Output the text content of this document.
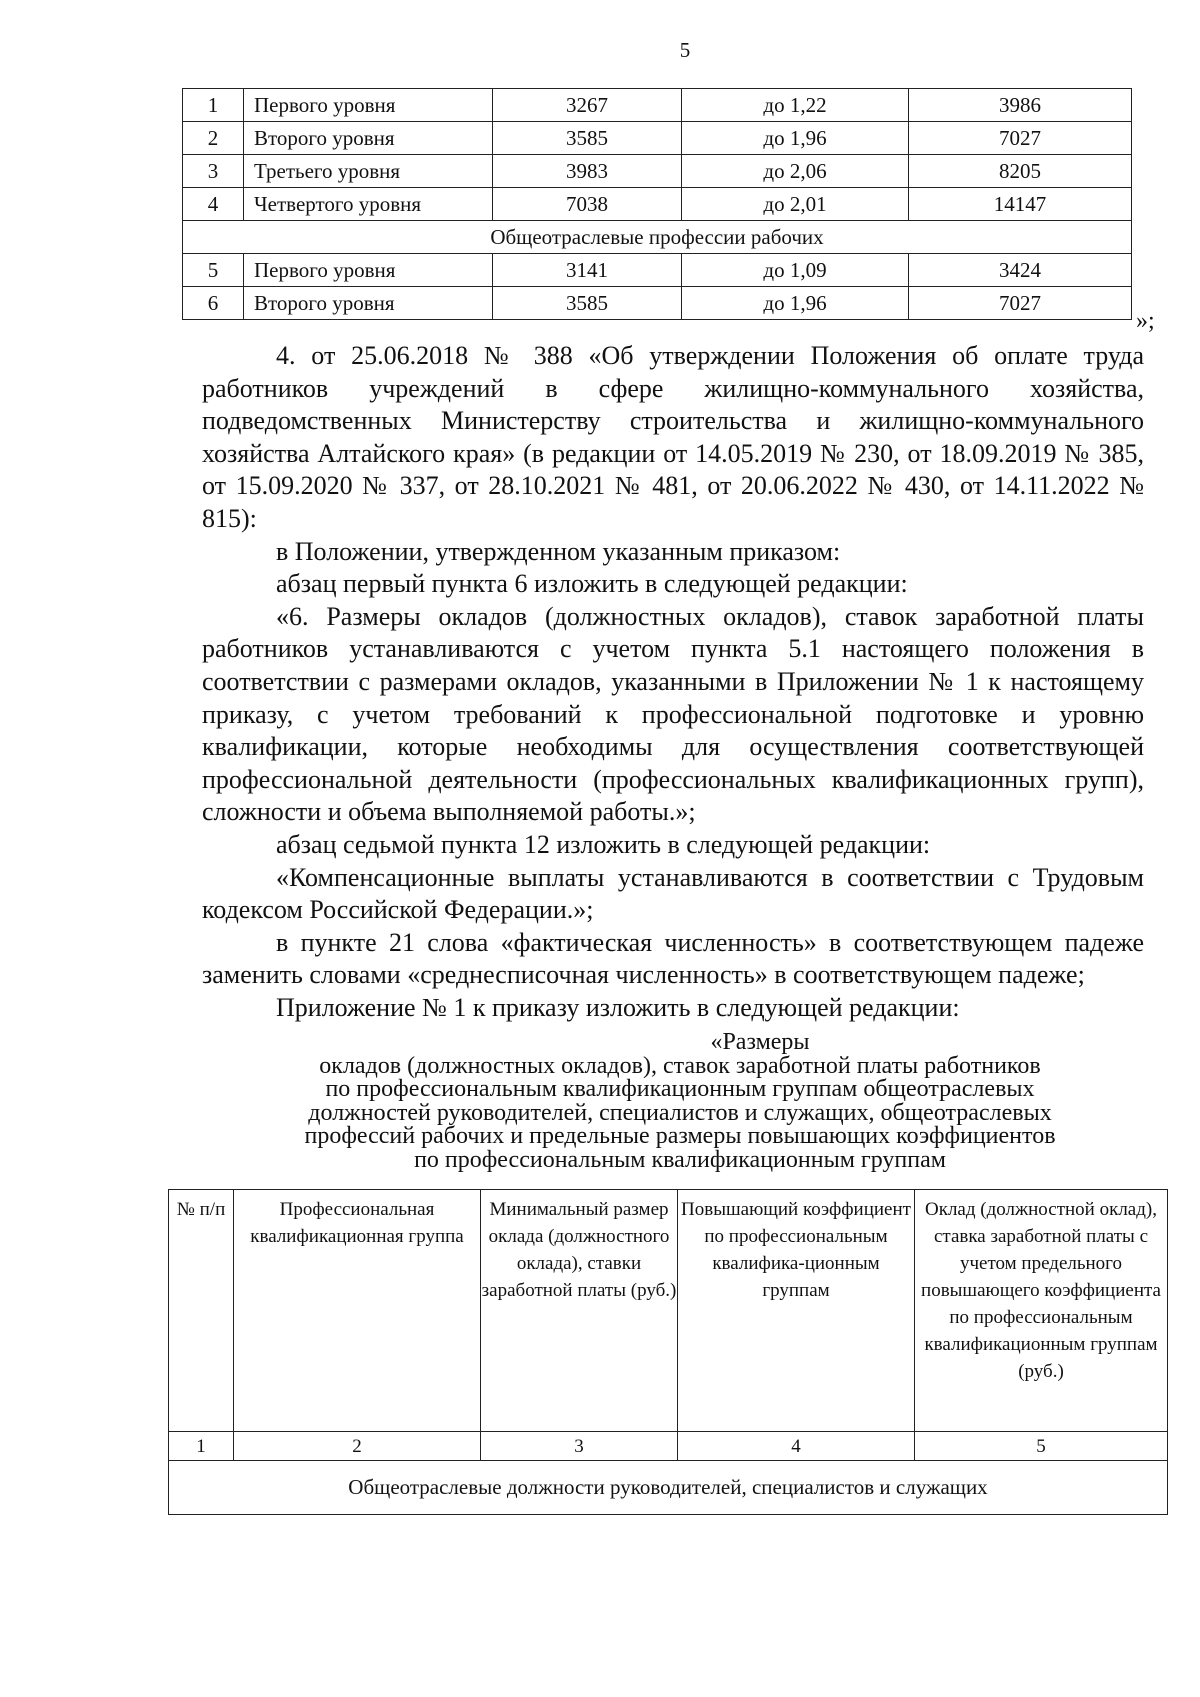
5
1	Первого уровня	3267	до 1,22	3986
2	Второго уровня	3585	до 1,96	7027
3	Третьего уровня	3983	до 2,06	8205
4	Четвертого уровня	7038	до 2,01	14147
Общеотраслевые профессии рабочих				
5	Первого уровня	3141	до 1,09	3424
6	Второго уровня	3585	до 1,96	7027
»;

4. от 25.06.2018 № 388 «Об утверждении Положения об оплате труда работников учреждений в сфере жилищно-коммунального хозяйства, подведомственных Министерству строительства и жилищно-коммунального хозяйства Алтайского края» (в редакции от 14.05.2019 № 230, от 18.09.2019 № 385, от 15.09.2020 № 337, от 28.10.2021 № 481, от 20.06.2022 № 430, от 14.11.2022 № 815):

в Положении, утвержденном указанным приказом:

абзац первый пункта 6 изложить в следующей редакции:

«6. Размеры окладов (должностных окладов), ставок заработной платы работников устанавливаются с учетом пункта 5.1 настоящего положения в соответствии с размерами окладов, указанными в Приложении № 1 к настоящему приказу, с учетом требований к профессиональной подготовке и уровню квалификации, которые необходимы для осуществления соответствующей профессиональной деятельности (профессиональных квалификационных групп), сложности и объема выполняемой работы.»;

абзац седьмой пункта 12 изложить в следующей редакции:

«Компенсационные выплаты устанавливаются в соответствии с Трудовым кодексом Российской Федерации.»;

в пункте 21 слова «фактическая численность» в соответствующем падеже заменить словами «среднесписочная численность» в соответствующем падеже;

Приложение № 1 к приказу изложить в следующей редакции:

«Размеры
окладов (должностных окладов), ставок заработной платы работников
по профессиональным квалификационным группам общеотраслевых
должностей руководителей, специалистов и служащих, общеотраслевых
профессий рабочих и предельные размеры повышающих коэффициентов
по профессиональным квалификационным группам
№ п/п	Профессиональная квалификационная группа	Минимальный размер оклада (должностного оклада), ставки заработной платы (руб.)	Повышающий коэффициент по профессиональным квалифика-ционным группам	Оклад (должностной оклад), ставка заработной платы с учетом предельного повышающего коэффициента по профессиональным квалификационным группам (руб.)
1	2	3	4	5
Общеотраслевые должности руководителей, специалистов и служащих				
